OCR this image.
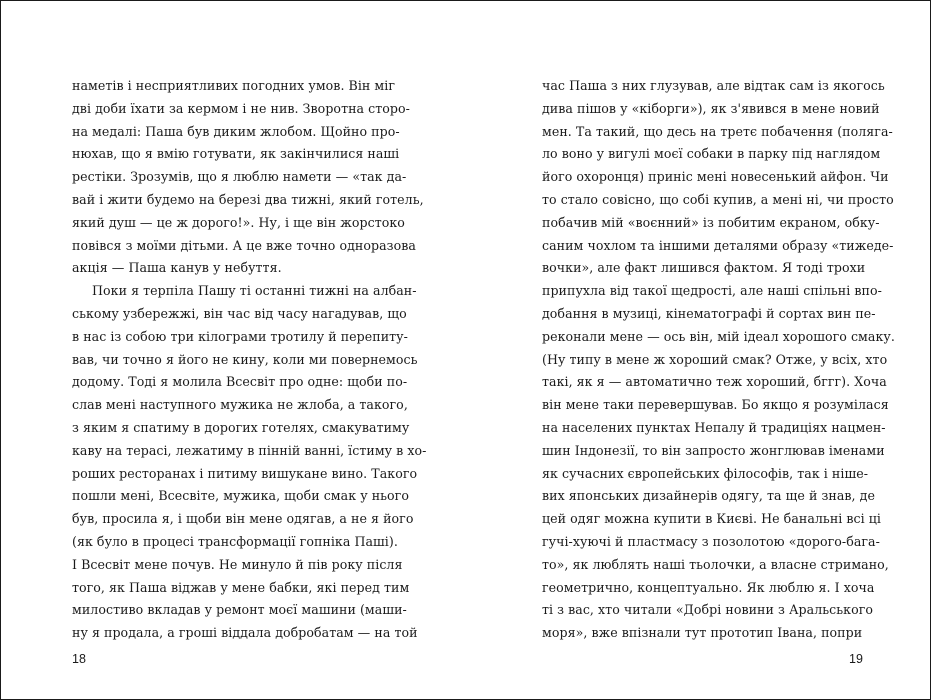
наметів і несприятливих погодних умов. Він міг
дві доби їхати за кермом і не нив. Зворотна сторо-
на медалі: Паша був диким жлобом. Щойно про-
нюхав, що я вмію готувати, як закінчилися наші
рестіки. Зрозумів, що я люблю намети — «так да-
вай і жити будемо на березі два тижні, який готель,
який душ — це ж дорого!». Ну, і ще він жорстоко
повівся з моїми дітьми. А це вже точно одноразова
акція — Паша канув у небуття.
Поки я терпіла Пашу ті останні тижні на албан-
ському узбережжі, він час від часу нагадував, що
в нас із собою три кілограми тротилу й перепиту-
вав, чи точно я його не кину, коли ми повернемось
додому. Тоді я молила Всесвіт про одне: щоби по-
слав мені наступного мужика не жлоба, а такого,
з яким я спатиму в дорогих готелях, смакуватиму
каву на терасі, лежатиму в пінній ванні, їстиму в хо-
роших ресторанах і питиму вишукане вино. Такого
пошли мені, Всесвіте, мужика, щоби смак у нього
був, просила я, і щоби він мене одягав, а не я його
(як було в процесі трансформації гопніка Паші).
І Всесвіт мене почув. Не минуло й пів року після
того, як Паша віджав у мене бабки, які перед тим
милостиво вкладав у ремонт моєї машини (маши-
ну я продала, а гроші віддала добробатам — на той
час Паша з них глузував, але відтак сам із якогось
дива пішов у «кіборги»), як з'явився в мене новий
мен. Та такий, що десь на третє побачення (поляга-
ло воно у вигулі моєї собаки в парку під наглядом
його охоронця) приніс мені новесенький айфон. Чи
то стало совісно, що собі купив, а мені ні, чи просто
побачив мій «воєнний» із побитим екраном, обку-
саним чохлом та іншими деталями образу «тижеде-
вочки», але факт лишився фактом. Я тоді трохи
припухла від такої щедрості, але наші спільні впо-
добання в музиці, кінематографі й сортах вин пе-
реконали мене — ось він, мій ідеал хорошого смаку.
(Ну типу в мене ж хороший смак? Отже, у всіх, хто
такі, як я — автоматично теж хороший, бггг). Хоча
він мене таки перевершував. Бо якщо я розумілася
на населених пунктах Непалу й традиціях нацмен-
шин Індонезії, то він запросто жонглював іменами
як сучасних європейських філософів, так і нішe-
вих японських дизайнерів одягу, та ще й знав, де
цей одяг можна купити в Києві. Не банальні всі ці
гучі-хуючі й пластмасу з позолотою «дорого-бага-
то», як люблять наші тьолочки, а власне стримано,
геометрично, концептуально. Як люблю я. І хоча
ті з вас, хто читали «Добрі новини з Аральського
моря», вже впізнали тут прототип Івана, попри
18	19
